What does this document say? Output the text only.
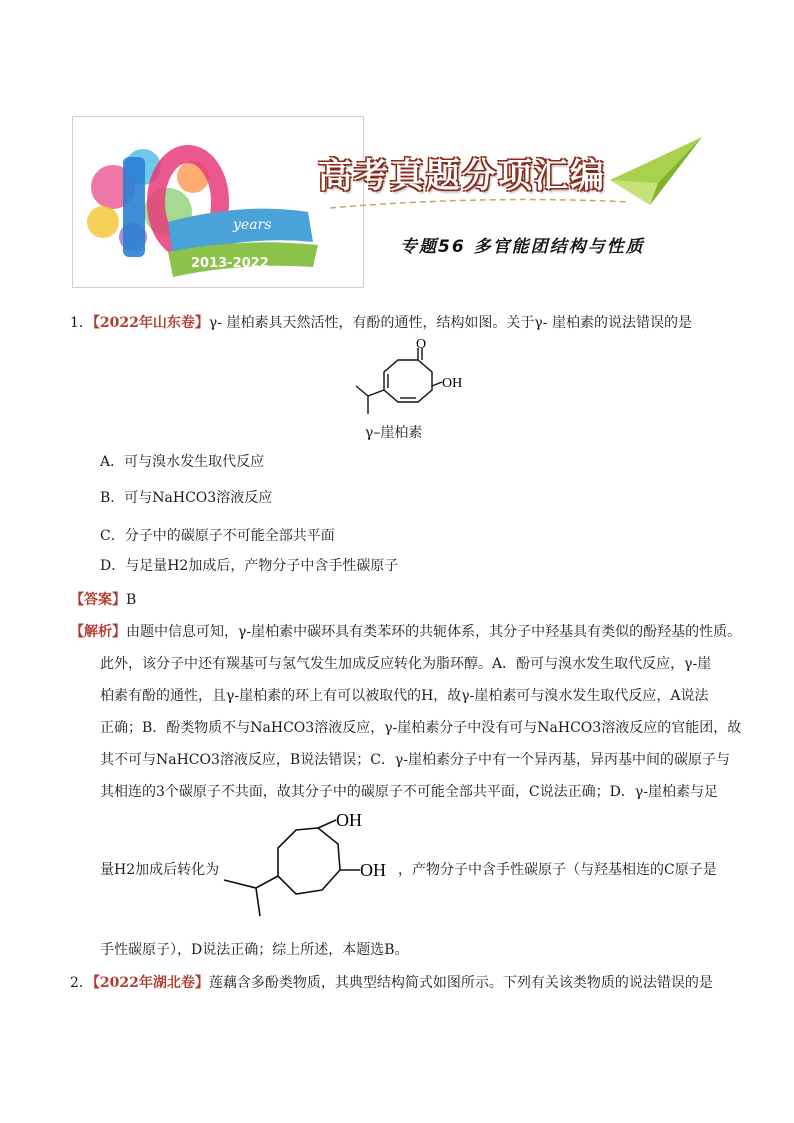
years
2013-2022
高考真题分项汇编
专题56 多官能团结构与性质
1．【2022年山东卷】γ- 崖柏素具天然活性，有酚的通性，结构如图。关于γ- 崖柏素的说法错误的是
O
OH
γ–崖柏素
A．可与溴水发生取代反应
B．可与NaHCO3溶液反应
C．分子中的碳原子不可能全部共平面
D．与足量H2加成后，产物分子中含手性碳原子
【答案】B
【解析】由题中信息可知，γ-崖柏素中碳环具有类苯环的共轭体系，其分子中羟基具有类似的酚羟基的性质。
此外，该分子中还有羰基可与氢气发生加成反应转化为脂环醇。A．酚可与溴水发生取代反应，γ-崖
柏素有酚的通性，且γ-崖柏素的环上有可以被取代的H，故γ-崖柏素可与溴水发生取代反应，A说法
正确；B．酚类物质不与NaHCO3溶液反应，γ-崖柏素分子中没有可与NaHCO3溶液反应的官能团，故
其不可与NaHCO3溶液反应，B说法错误；C．γ-崖柏素分子中有一个异丙基，异丙基中间的碳原子与
其相连的3个碳原子不共面，故其分子中的碳原子不可能全部共平面，C说法正确；D．γ-崖柏素与足
量H2加成后转化为
OH
OH ，产物分子中含手性碳原子（与羟基相连的C原子是
手性碳原子），D说法正确；综上所述，本题选B。
2．【2022年湖北卷】莲藕含多酚类物质，其典型结构简式如图所示。下列有关该类物质的说法错误的是
